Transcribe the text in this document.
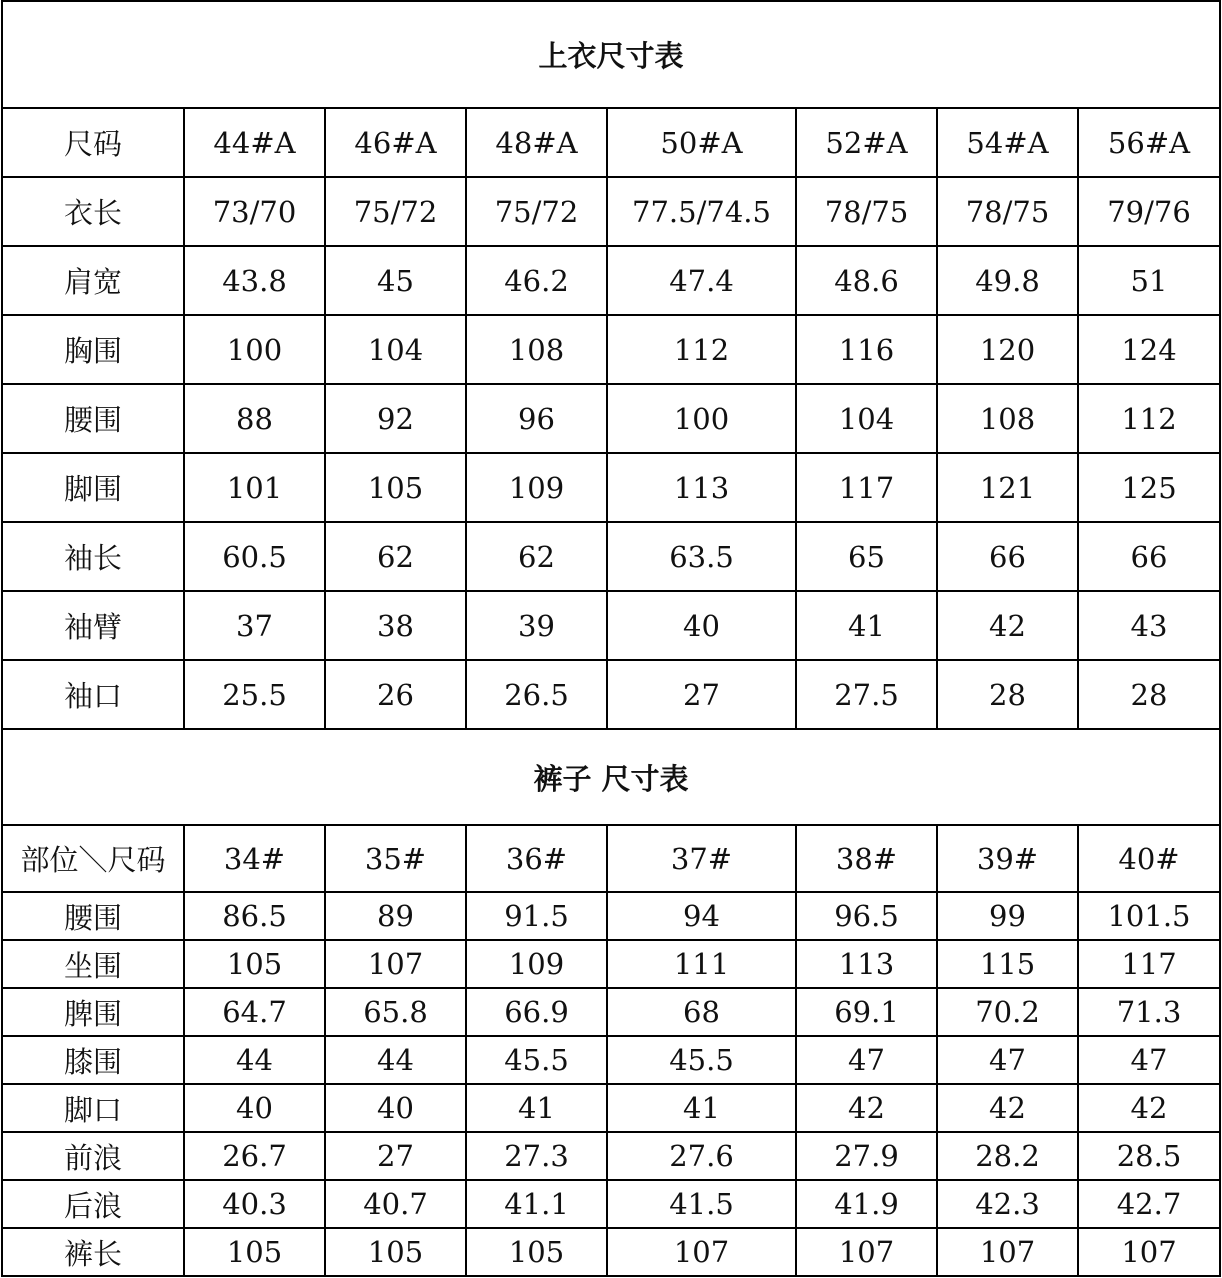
上衣尺寸表							
尺码	44#A	46#A	48#A	50#A	52#A	54#A	56#A
衣长	73/70	75/72	75/72	77.5/74.5	78/75	78/75	79/76
肩宽	43.8	45	46.2	47.4	48.6	49.8	51
胸围	100	104	108	112	116	120	124
腰围	88	92	96	100	104	108	112
脚围	101	105	109	113	117	121	125
袖长	60.5	62	62	63.5	65	66	66
袖臂	37	38	39	40	41	42	43
袖口	25.5	26	26.5	27	27.5	28	28
裤子 尺寸表							
部位＼尺码	34#	35#	36#	37#	38#	39#	40#
腰围	86.5	89	91.5	94	96.5	99	101.5
坐围	105	107	109	111	113	115	117
脾围	64.7	65.8	66.9	68	69.1	70.2	71.3
膝围	44	44	45.5	45.5	47	47	47
脚口	40	40	41	41	42	42	42
前浪	26.7	27	27.3	27.6	27.9	28.2	28.5
后浪	40.3	40.7	41.1	41.5	41.9	42.3	42.7
裤长	105	105	105	107	107	107	107
